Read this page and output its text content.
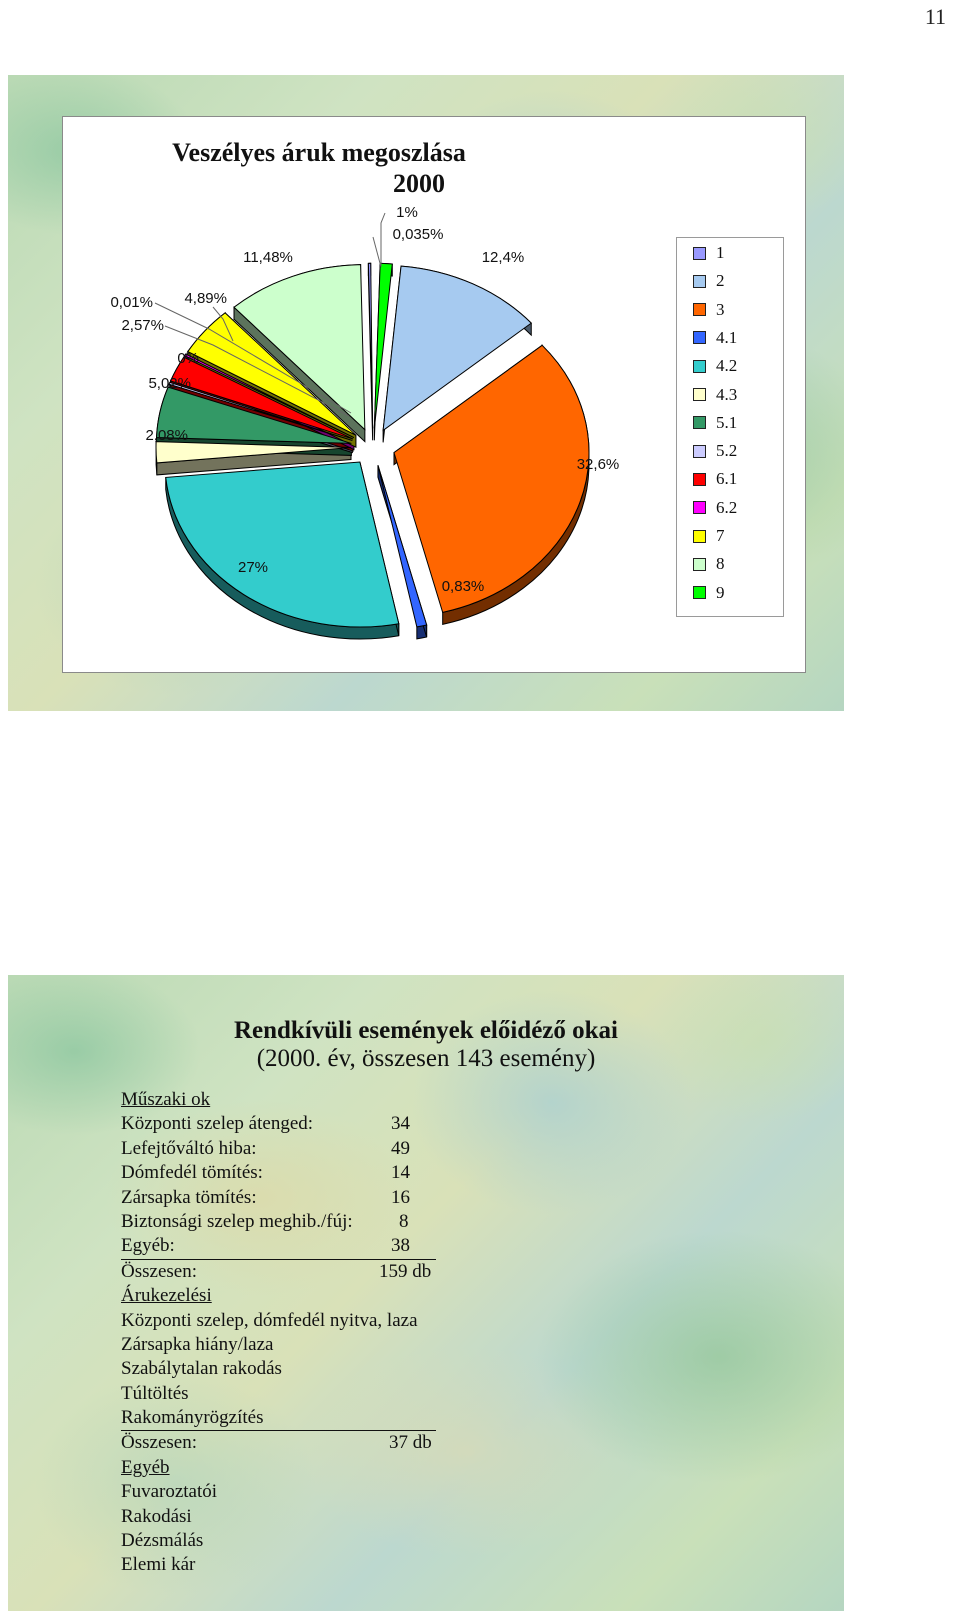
11
Veszélyes áruk megoszlása
2000
0,01%
12,4%
32,6%
0,83%
27%
2,08%
5,02%
0%
2,57%
0,035%
4,89%
11,48%
1%
1
2
3
4.1
4.2
4.3
5.1
5.2
6.1
6.2
7
8
9
Rendkívüli események előidéző okai
(2000. év, összesen 143 esemény)
Műszaki ok
Központi szelep átenged:	34
Lefejtőváltó hiba:	49
Dómfedél tömítés:	14
Zársapka tömítés:	16
Biztonsági szelep meghib./fúj: 8
Egyéb:	38
Összesen:	159 db
Árukezelési
Központi szelep, dómfedél nyitva, laza
Zársapka hiány/laza
Szabálytalan rakodás
Túltöltés
Rakományrögzítés
Összesen:	37 db
Egyéb
Fuvaroztatói
Rakodási
Dézsmálás
Elemi kár
